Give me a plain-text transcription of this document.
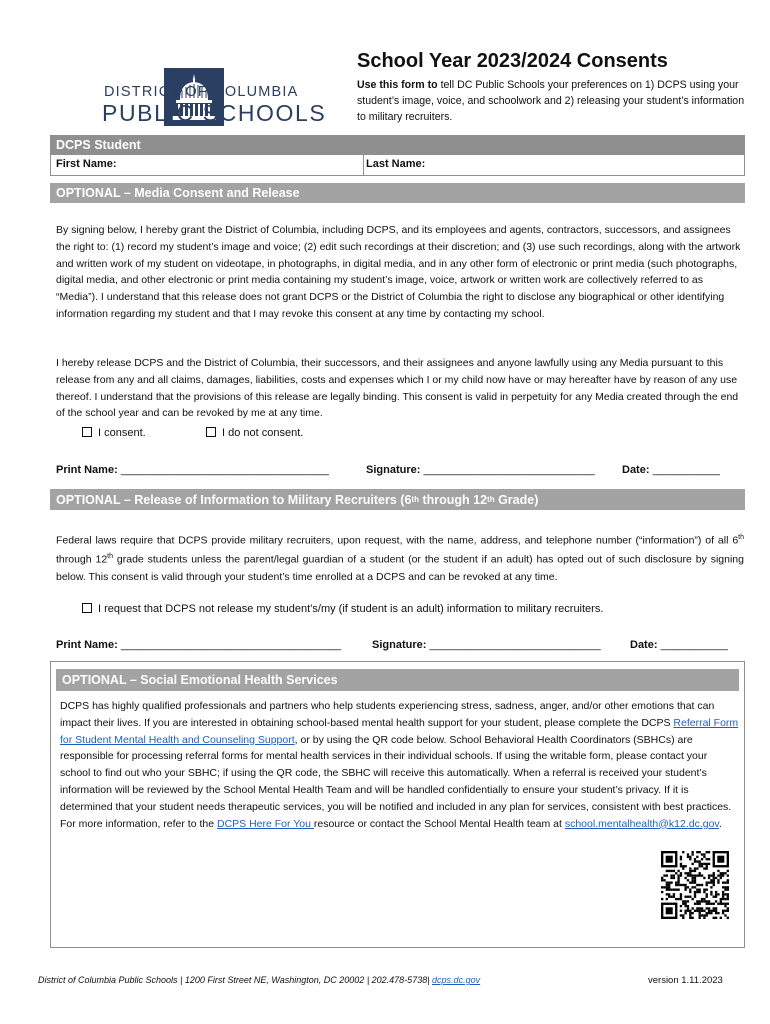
DISTRICT OF COLUMBIA
PUBLIC SCHOOLS
School Year 2023/2024 Consents
Use this form to tell DC Public Schools your preferences on 1) DCPS using your student’s image, voice, and schoolwork and 2) releasing your student’s information to military recruiters.
DCPS Student
First Name:	Last Name:
OPTIONAL – Media Consent and Release
By signing below, I hereby grant the District of Columbia, including DCPS, and its employees and agents, contractors, successors, and assignees the right to: (1) record my student’s image and voice; (2) edit such recordings at their discretion; and (3) use such recordings, along with the artwork and written work of my student on videotape, in photographs, in digital media, and in any other form of electronic or print media (such photographs, digital media, and other electronic or print media containing my student’s image, voice, artwork or written work are collectively referred to as “Media”). I understand that this release does not grant DCPS or the District of Columbia the right to disclose any biographical or other identifying information regarding my student and that I may revoke this consent at any time by contacting my school.
I hereby release DCPS and the District of Columbia, their successors, and their assignees and anyone lawfully using any Media pursuant to this release from any and all claims, damages, liabilities, costs and expenses which I or my child now have or may hereafter have by reason of any use thereof. I understand that the provisions of this release are legally binding. This consent is valid in perpetuity for any Media created through the end of the school year and can be revoked by me at any time.
I consent.	I do not consent.
Print Name: __________________________________	Signature: ____________________________ Date: ___________
OPTIONAL – Release of Information to Military Recruiters (6 th through 12 th Grade)
Federal laws require that DCPS provide military recruiters, upon request, with the name, address, and telephone number (“information”) of all 6th through 12th grade students unless the parent/legal guardian of a student (or the student if an adult) has opted out of such disclosure by signing below. This consent is valid through your student’s time enrolled at a DCPS and can be revoked at any time.
I request that DCPS not release my student’s/my (if student is an adult) information to military recruiters.
Print Name: ____________________________________	Signature: ____________________________	Date: ___________
OPTIONAL – Social Emotional Health Services
DCPS has highly qualified professionals and partners who help students experiencing stress, sadness, anger, and/or other emotions that can impact their lives. If you are interested in obtaining school-based mental health support for your student, please complete the DCPS Referral Form for Student Mental Health and Counseling Support, or by using the QR code below. School Behavioral Health Coordinators (SBHCs) are responsible for processing referral forms for mental health services in their individual schools. If using the writable form, please contact your school to find out who your SBHC; if using the QR code, the SBHC will receive this automatically. When a referral is received your student’s information will be reviewed by the School Mental Health Team and will be handled confidentially to ensure your student’s privacy. If it is determined that your student needs therapeutic services, you will be notified and included in any plan for services, consistent with best practices. For more information, refer to the DCPS Here For You resource or contact the School Mental Health team at school.mentalhealth@k12.dc.gov.
District of Columbia Public Schools | 1200 First Street NE, Washington, DC 20002 | 202.478-5738| dcps.dc.gov	version 1.11.2023
